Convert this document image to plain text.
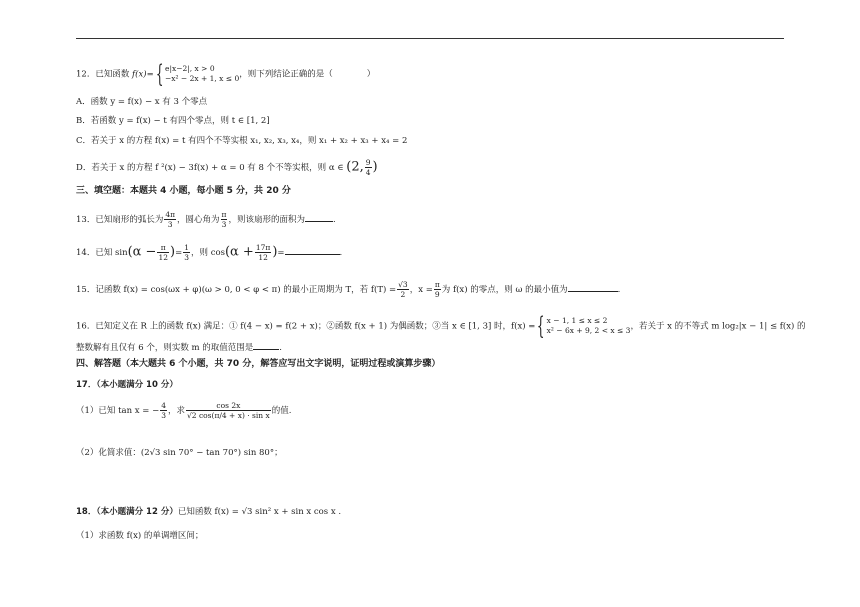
12．已知函数 f(x)={ e|x−2|, x > 0
−x² − 2x + 1, x ≤ 0 ，则下列结论正确的是（　　　　）
A．函数 y = f(x) − x 有 3 个零点
B．若函数 y = f(x) − t 有四个零点，则 t ∈ [1, 2]
C．若关于 x 的方程 f(x) = t 有四个不等实根 x₁, x₂, x₃, x₄，则 x₁ + x₂ + x₃ + x₄ = 2
D．若关于 x 的方程 f ²(x) − 3f(x) + α = 0 有 8 个不等实根，则 α ∈ (2, $\frac{9}{4}$ )
三、填空题：本题共 4 小题，每小题 5 分，共 20 分
13．已知扇形的弧长为 $\frac{4\pi}{3}$ ，圆心角为 $\frac{\pi}{3}$ ，则该扇形的面积为	.
14．已知 $\sin(\alpha - \frac{\pi}{12}$ )= $\frac{1}{3}$ ，则 $\cos(\alpha + \frac{17\pi}{12}$ )=	.
15．记函数 f(x) = cos(ωx + φ)(ω > 0, 0 < φ < π) 的最小正周期为 T，若 $f(T) = \frac{√3}{2}$ ，$x = \frac{\pi}{9}$ 为 f(x) 的零点，则 ω 的最小值为	.
16．已知定义在 R 上的函数 f(x) 满足：① f(4 − x) = f(2 + x)；②函数 f(x + 1) 为偶函数；③当 x ∈ [1, 3] 时，f(x) ={ x − 1, 1 ≤ x ≤ 2
x² − 6x + 9, 2 < x ≤ 3 ，若关于 x 的不等式 m log₂|x − 1| ≤ f(x) 的
整数解有且仅有 6 个，则实数 m 的取值范围是	.
四、解答题（本大题共 6 个小题，共 70 分，解答应写出文字说明，证明过程或演算步骤）
17．（本小题满分 10 分）
（1）已知 tan x = − $\frac{4}{3}$ ，求 $\frac{\cos 2x}{\text{√2 cos(π/4 + x) · sin x}}$ 的值.
（2）化简求值：(2√3 sin 70° − tan 70°) sin 80°；
18．（本小题满分 12 分）已知函数 f(x) = √3 sin² x + sin x cos x .
（1）求函数 f(x) 的单调增区间；
